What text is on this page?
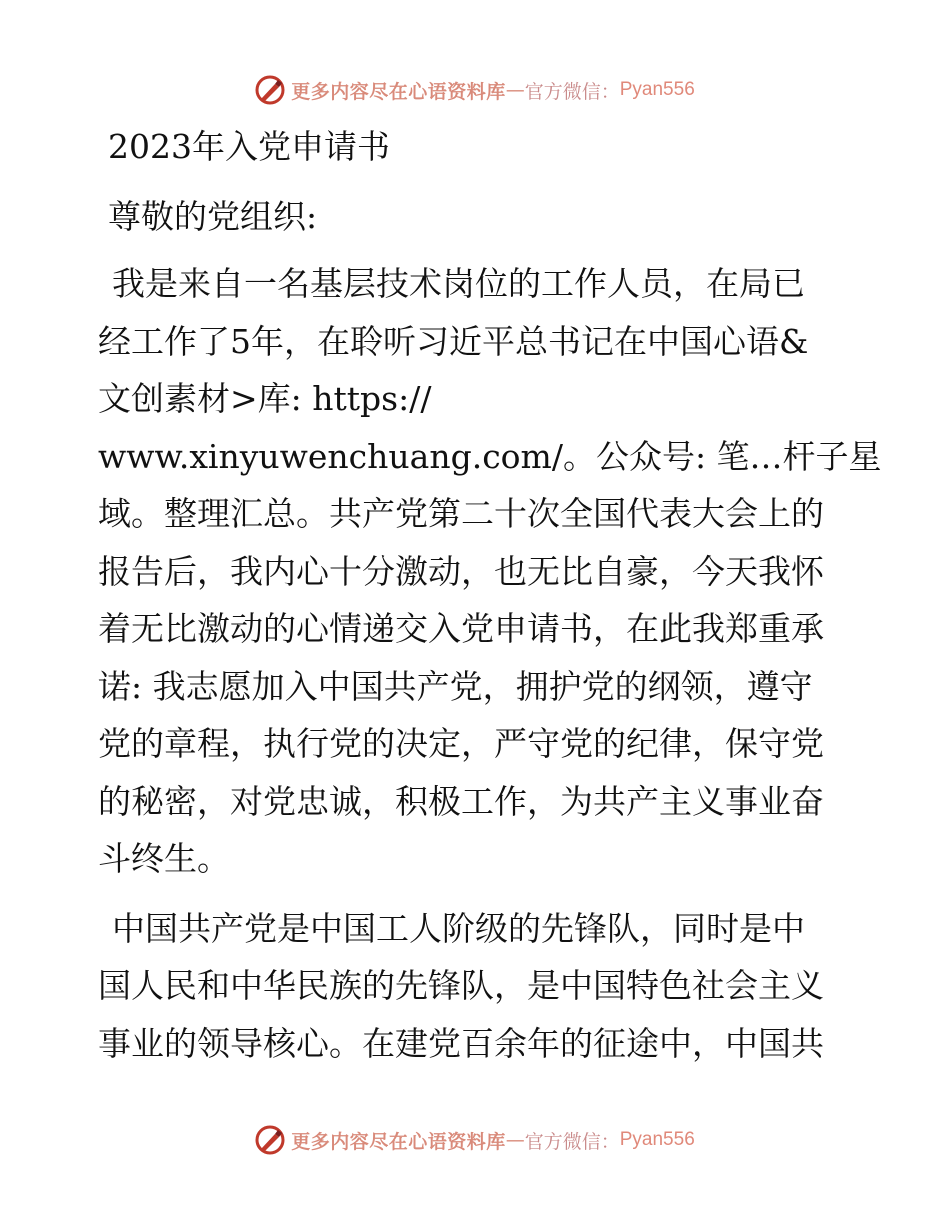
更多内容尽在心语资料库 — 官方微信： Pyan556
2023年入党申请书
尊敬的党组织:
我是来自一名基层技术岗位的工作人员，在局已
经工作了5年，在聆听习近平总书记在中国心语&
文创素材>库: https://
www.xinyuwenchuang.com/。公众号: 笔…杆子星
域。整理汇总。共产党第二十次全国代表大会上的
报告后，我内心十分激动，也无比自豪，今天我怀
着无比激动的心情递交入党申请书，在此我郑重承
诺: 我志愿加入中国共产党，拥护党的纲领，遵守
党的章程，执行党的决定，严守党的纪律，保守党
的秘密，对党忠诚，积极工作，为共产主义事业奋
斗终生。
中国共产党是中国工人阶级的先锋队，同时是中
国人民和中华民族的先锋队，是中国特色社会主义
事业的领导核心。在建党百余年的征途中，中国共
更多内容尽在心语资料库 — 官方微信： Pyan556
